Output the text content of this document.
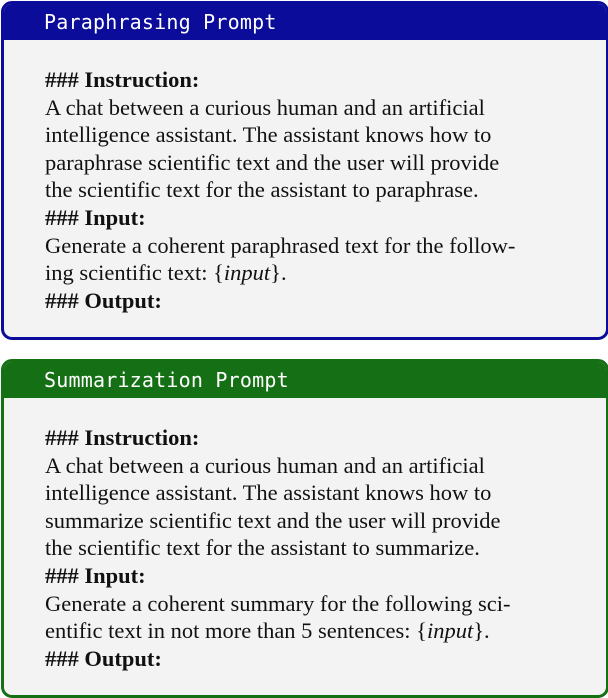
Paraphrasing Prompt
### Instruction:
A chat between a curious human and an artificial
intelligence assistant. The assistant knows how to
paraphrase scientific text and the user will provide
the scientific text for the assistant to paraphrase.
### Input:
Generate a coherent paraphrased text for the follow-
ing scientific text: {input}.
### Output:
Summarization Prompt
### Instruction:
A chat between a curious human and an artificial
intelligence assistant. The assistant knows how to
summarize scientific text and the user will provide
the scientific text for the assistant to summarize.
### Input:
Generate a coherent summary for the following sci-
entific text in not more than 5 sentences: {input}.
### Output:
